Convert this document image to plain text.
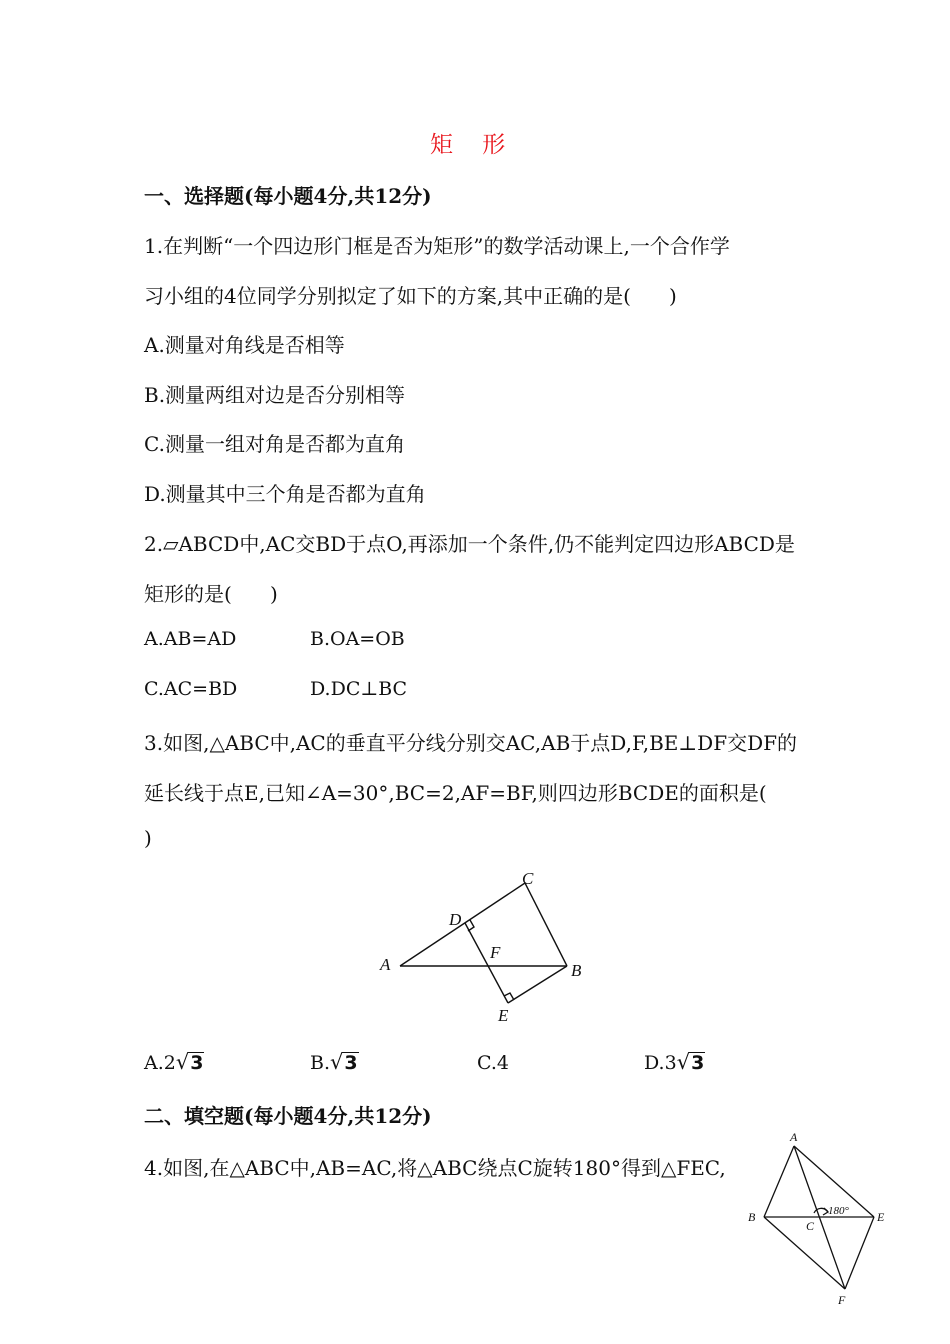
矩    形
一、选择题(每小题4分,共12分)
1.在判断“一个四边形门框是否为矩形”的数学活动课上,一个合作学
习小组的4位同学分别拟定了如下的方案,其中正确的是(      )
A.测量对角线是否相等
B.测量两组对边是否分别相等
C.测量一组对角是否都为直角
D.测量其中三个角是否都为直角
2.▱ABCD中,AC交BD于点O,再添加一个条件,仍不能判定四边形ABCD是
矩形的是(      )
A.AB=AD	B.OA=OB
C.AC=BD	D.DC⊥BC
3.如图,△ABC中,AC的垂直平分线分别交AC,AB于点D,F,BE⊥DF交DF的
延长线于点E,已知∠A=30°,BC=2,AF=BF,则四边形BCDE的面积是(
)
A	B
C
D
E
F
A.2√3	B.√3	C.4	D.3√3
二、填空题(每小题4分,共12分)
4.如图,在△ABC中,AB=AC,将△ABC绕点C旋转180°得到△FEC,
A
B
C
E
F
180°
